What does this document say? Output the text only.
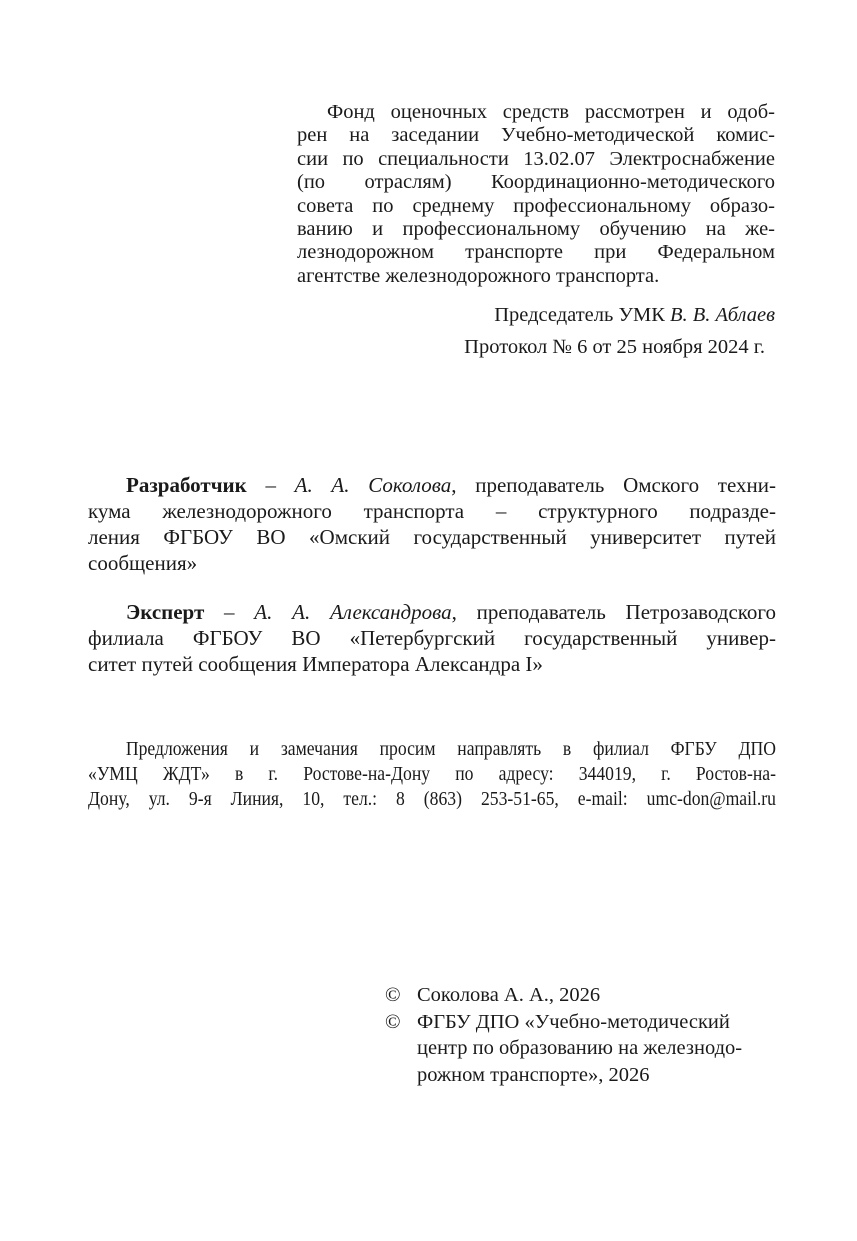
Фонд оценочных средств рассмотрен и одоб-
рен на заседании Учебно-методической комис-
сии по специальности 13.02.07 Электроснабжение
(по отраслям) Координационно-методического
совета по среднему профессиональному образо-
ванию и профессиональному обучению на же-
лезнодорожном транспорте при Федеральном
агентстве железнодорожного транспорта.
Председатель УМК В. В. Аблаев
Протокол № 6 от 25 ноября 2024 г.
Разработчик – А. А. Соколова, преподаватель Омского техни-
кума железнодорожного транспорта – структурного подразде-
ления ФГБОУ ВО «Омский государственный университет путей
сообщения»
Эксперт – А. А. Александрова, преподаватель Петрозаводского
филиала ФГБОУ ВО «Петербургский государственный универ-
ситет путей сообщения Императора Александра I»
Предложения и замечания просим направлять в филиал ФГБУ ДПО
«УМЦ ЖДТ» в г. Ростове-на-Дону по адресу: 344019, г. Ростов-на-
Дону, ул. 9-я Линия, 10, тел.: 8 (863) 253-51-65, e-mail: umc-don@mail.ru
© Соколова А. А., 2026
© ФГБУ ДПО «Учебно-методический
центр по образованию на железнодо-
рожном транспорте», 2026
